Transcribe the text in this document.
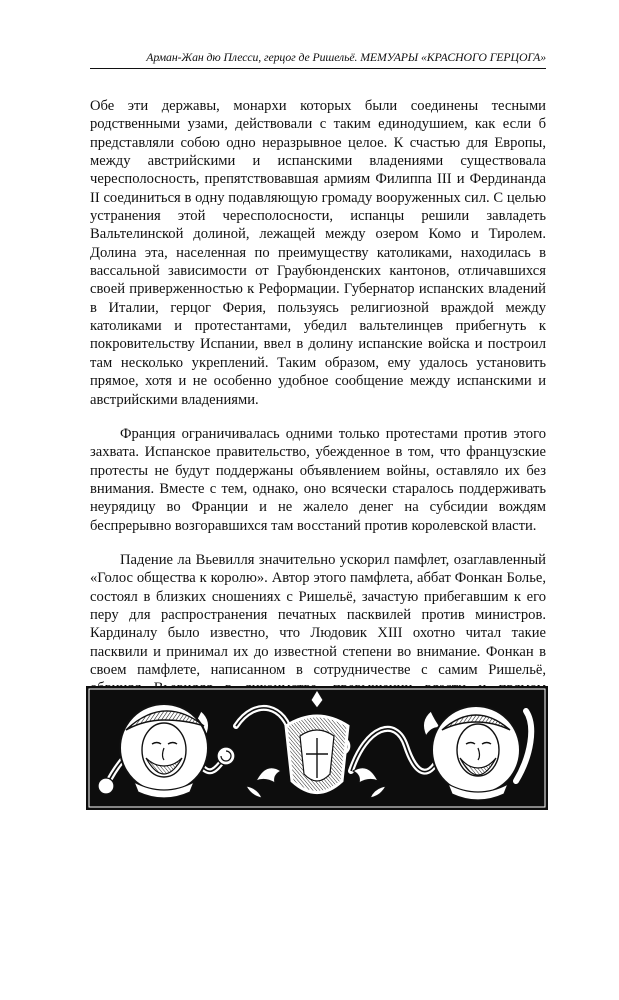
Арман-Жан дю Плесси, герцог де Ришельё. МЕМУАРЫ «КРАСНОГО ГЕРЦОГА»

Обе эти державы, монархи которых были соединены тесными родственными узами, действовали с таким единодушием, как если б представляли собою одно неразрывное целое. К счастью для Европы, между австрийскими и испанскими владениями существовала чересполосность, препятствовавшая армиям Филиппа III и Фердинанда II соединиться в одну подавляющую громаду вооруженных сил. С целью устранения этой чересполосности, испанцы решили завладеть Вальтелинской долиной, лежащей между озером Комо и Тиролем. Долина эта, населенная по преимуществу католиками, находилась в вассальной зависимости от Граубюнденских кантонов, отличавшихся своей приверженностью к Реформации. Губернатор испанских владений в Италии, герцог Ферия, пользуясь религиозной враждой между католиками и протестантами, убедил вальтелинцев прибегнуть к покровительству Испании, ввел в долину испанские войска и построил там несколько укреплений. Таким образом, ему удалось установить прямое, хотя и не особенно удобное сообщение между испанскими и австрийскими владениями.

Франция ограничивалась одними только протестами против этого захвата. Испанское правительство, убежденное в том, что французские протесты не будут поддержаны объявлением войны, оставляло их без внимания. Вместе с тем, однако, оно всячески старалось поддерживать неурядицу во Франции и не жалело денег на субсидии вождям беспрерывно возгоравшихся там восстаний против королевской власти.

Падение ла Вьевилля значительно ускорил памфлет, озаглавленный «Голос общества к королю». Автор этого памфлета, аббат Фонкан Болье, состоял в близких сношениях с Ришельё, зачастую прибегавшим к его перу для распространения печатных пасквилей против министров. Кардиналу было известно, что Людовик XIII охотно читал такие пасквили и принимал их до известной степени во внимание. Фонкан в своем памфлете, написанном в сотрудничестве с самим Ришельё,
